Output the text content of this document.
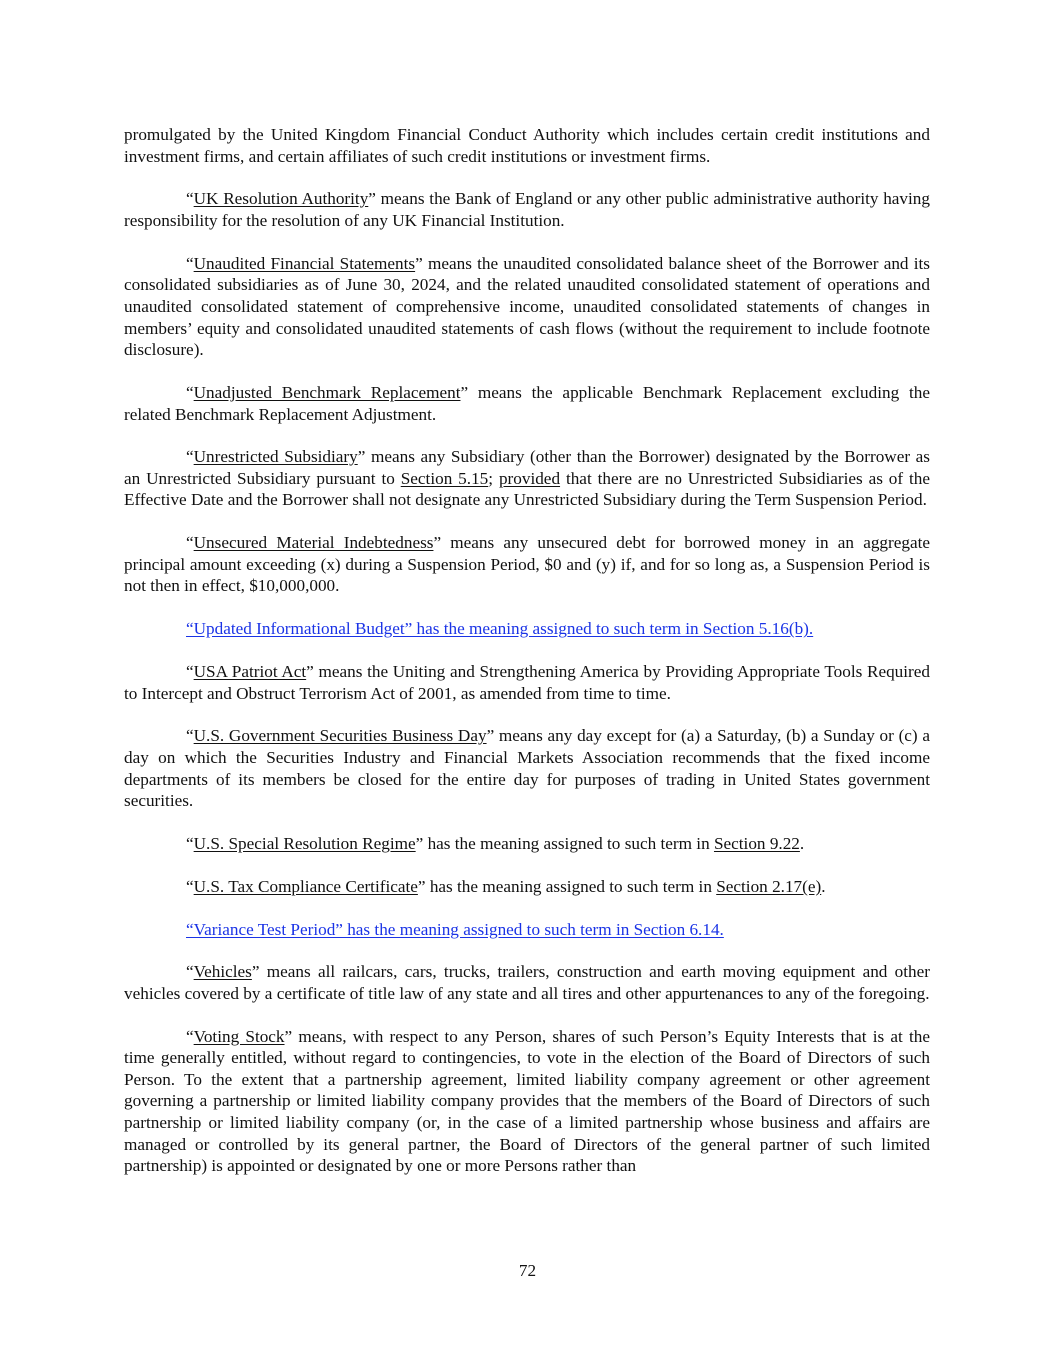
promulgated by the United Kingdom Financial Conduct Authority which includes certain credit institutions and investment firms, and certain affiliates of such credit institutions or investment firms.

“UK Resolution Authority” means the Bank of England or any other public administrative authority having responsibility for the resolution of any UK Financial Institution.

“Unaudited Financial Statements” means the unaudited consolidated balance sheet of the Borrower and its consolidated subsidiaries as of June 30, 2024, and the related unaudited consolidated statement of operations and unaudited consolidated statement of comprehensive income, unaudited consolidated statements of changes in members’ equity and consolidated unaudited statements of cash flows (without the requirement to include footnote disclosure).

“Unadjusted Benchmark Replacement” means the applicable Benchmark Replacement excluding the related Benchmark Replacement Adjustment.

“Unrestricted Subsidiary” means any Subsidiary (other than the Borrower) designated by the Borrower as an Unrestricted Subsidiary pursuant to Section 5.15; provided that there are no Unrestricted Subsidiaries as of the Effective Date and the Borrower shall not designate any Unrestricted Subsidiary during the Term Suspension Period.

“Unsecured Material Indebtedness” means any unsecured debt for borrowed money in an aggregate principal amount exceeding (x) during a Suspension Period, $0 and (y) if, and for so long as, a Suspension Period is not then in effect, $10,000,000.

“Updated Informational Budget” has the meaning assigned to such term in Section 5.16(b).

“USA Patriot Act” means the Uniting and Strengthening America by Providing Appropriate Tools Required to Intercept and Obstruct Terrorism Act of 2001, as amended from time to time.

“U.S. Government Securities Business Day” means any day except for (a) a Saturday, (b) a Sunday or (c) a day on which the Securities Industry and Financial Markets Association recommends that the fixed income departments of its members be closed for the entire day for purposes of trading in United States government securities.

“U.S. Special Resolution Regime” has the meaning assigned to such term in Section 9.22.

“U.S. Tax Compliance Certificate” has the meaning assigned to such term in Section 2.17(e).

“Variance Test Period” has the meaning assigned to such term in Section 6.14.

“Vehicles” means all railcars, cars, trucks, trailers, construction and earth moving equipment and other vehicles covered by a certificate of title law of any state and all tires and other appurtenances to any of the foregoing.

“Voting Stock” means, with respect to any Person, shares of such Person’s Equity Interests that is at the time generally entitled, without regard to contingencies, to vote in the election of the Board of Directors of such Person. To the extent that a partnership agreement, limited liability company agreement or other agreement governing a partnership or limited liability company provides that the members of the Board of Directors of such partnership or limited liability company (or, in the case of a limited partnership whose business and affairs are managed or controlled by its general partner, the Board of Directors of the general partner of such limited partnership) is appointed or designated by one or more Persons rather than

72
